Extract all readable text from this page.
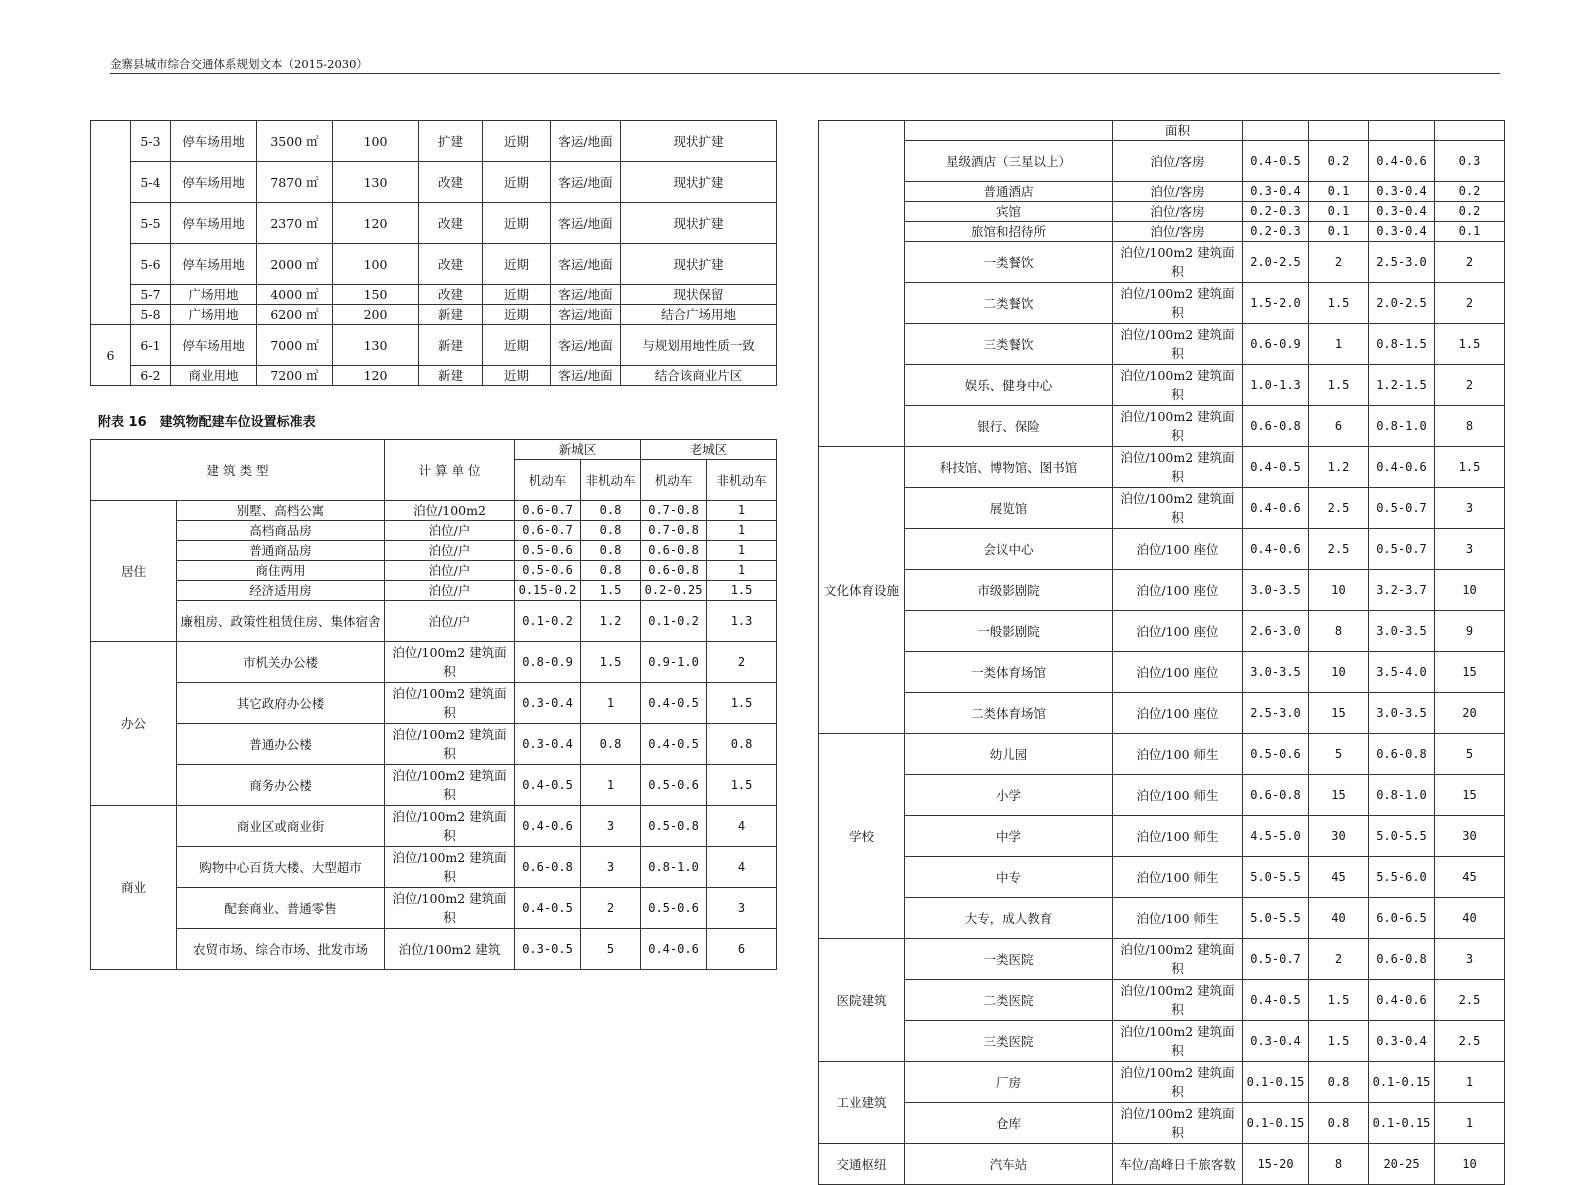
金寨县城市综合交通体系规划文本（2015-2030）
	5-3	停车场用地	3500 ㎡	100	扩建	近期	客运/地面	现状扩建
	5-4	停车场用地	7870 ㎡	130	改建	近期	客运/地面	现状扩建
	5-5	停车场用地	2370 ㎡	120	改建	近期	客运/地面	现状扩建
	5-6	停车场用地	2000 ㎡	100	改建	近期	客运/地面	现状扩建
	5-7	广场用地	4000 ㎡	150	改建	近期	客运/地面	现状保留
	5-8	广场用地	6200 ㎡	200	新建	近期	客运/地面	结合广场用地
6	6-1	停车场用地	7000 ㎡	130	新建	近期	客运/地面	与规划用地性质一致
	6-2	商业用地	7200 ㎡	120	新建	近期	客运/地面	结合该商业片区
附表 16　建筑物配建车位设置标准表
建 筑 类 型		计 算 单 位	新城区		老城区	
			机动车	非机动车	机动车	非机动车
居住	别墅、高档公寓	泊位/100m2	0.6-0.7	0.8	0.7-0.8	1
	高档商品房	泊位/户	0.6-0.7	0.8	0.7-0.8	1
	普通商品房	泊位/户	0.5-0.6	0.8	0.6-0.8	1
	商住两用	泊位/户	0.5-0.6	0.8	0.6-0.8	1
	经济适用房	泊位/户	0.15-0.2	1.5	0.2-0.25	1.5
	廉租房、政策性租赁住房、集体宿舍	泊位/户	0.1-0.2	1.2	0.1-0.2	1.3
办公	市机关办公楼	泊位/100m2 建筑面积	0.8-0.9	1.5	0.9-1.0	2
	其它政府办公楼	泊位/100m2 建筑面积	0.3-0.4	1	0.4-0.5	1.5
	普通办公楼	泊位/100m2 建筑面积	0.3-0.4	0.8	0.4-0.5	0.8
	商务办公楼	泊位/100m2 建筑面积	0.4-0.5	1	0.5-0.6	1.5
商业	商业区或商业街	泊位/100m2 建筑面积	0.4-0.6	3	0.5-0.8	4
	购物中心百货大楼、大型超市	泊位/100m2 建筑面积	0.6-0.8	3	0.8-1.0	4
	配套商业、普通零售	泊位/100m2 建筑面积	0.4-0.5	2	0.5-0.6	3
	农贸市场、综合市场、批发市场	泊位/100m2 建筑	0.3-0.5	5	0.4-0.6	6
		面积				
	星级酒店（三星以上）	泊位/客房	0.4-0.5	0.2	0.4-0.6	0.3
	普通酒店	泊位/客房	0.3-0.4	0.1	0.3-0.4	0.2
	宾馆	泊位/客房	0.2-0.3	0.1	0.3-0.4	0.2
	旅馆和招待所	泊位/客房	0.2-0.3	0.1	0.3-0.4	0.1
	一类餐饮	泊位/100m2 建筑面积	2.0-2.5	2	2.5-3.0	2
	二类餐饮	泊位/100m2 建筑面积	1.5-2.0	1.5	2.0-2.5	2
	三类餐饮	泊位/100m2 建筑面积	0.6-0.9	1	0.8-1.5	1.5
	娱乐、健身中心	泊位/100m2 建筑面积	1.0-1.3	1.5	1.2-1.5	2
	银行、保险	泊位/100m2 建筑面积	0.6-0.8	6	0.8-1.0	8
文化体育设施	科技馆、博物馆、图书馆	泊位/100m2 建筑面积	0.4-0.5	1.2	0.4-0.6	1.5
	展览馆	泊位/100m2 建筑面积	0.4-0.6	2.5	0.5-0.7	3
	会议中心	泊位/100 座位	0.4-0.6	2.5	0.5-0.7	3
	市级影剧院	泊位/100 座位	3.0-3.5	10	3.2-3.7	10
	一般影剧院	泊位/100 座位	2.6-3.0	8	3.0-3.5	9
	一类体育场馆	泊位/100 座位	3.0-3.5	10	3.5-4.0	15
	二类体育场馆	泊位/100 座位	2.5-3.0	15	3.0-3.5	20
学校	幼儿园	泊位/100 师生	0.5-0.6	5	0.6-0.8	5
	小学	泊位/100 师生	0.6-0.8	15	0.8-1.0	15
	中学	泊位/100 师生	4.5-5.0	30	5.0-5.5	30
	中专	泊位/100 师生	5.0-5.5	45	5.5-6.0	45
	大专，成人教育	泊位/100 师生	5.0-5.5	40	6.0-6.5	40
医院建筑	一类医院	泊位/100m2 建筑面积	0.5-0.7	2	0.6-0.8	3
	二类医院	泊位/100m2 建筑面积	0.4-0.5	1.5	0.4-0.6	2.5
	三类医院	泊位/100m2 建筑面积	0.3-0.4	1.5	0.3-0.4	2.5
工业建筑	厂房	泊位/100m2 建筑面积	0.1-0.15	0.8	0.1-0.15	1
	仓库	泊位/100m2 建筑面积	0.1-0.15	0.8	0.1-0.15	1
交通枢纽	汽车站	车位/高峰日千旅客数	15-20	8	20-25	10
